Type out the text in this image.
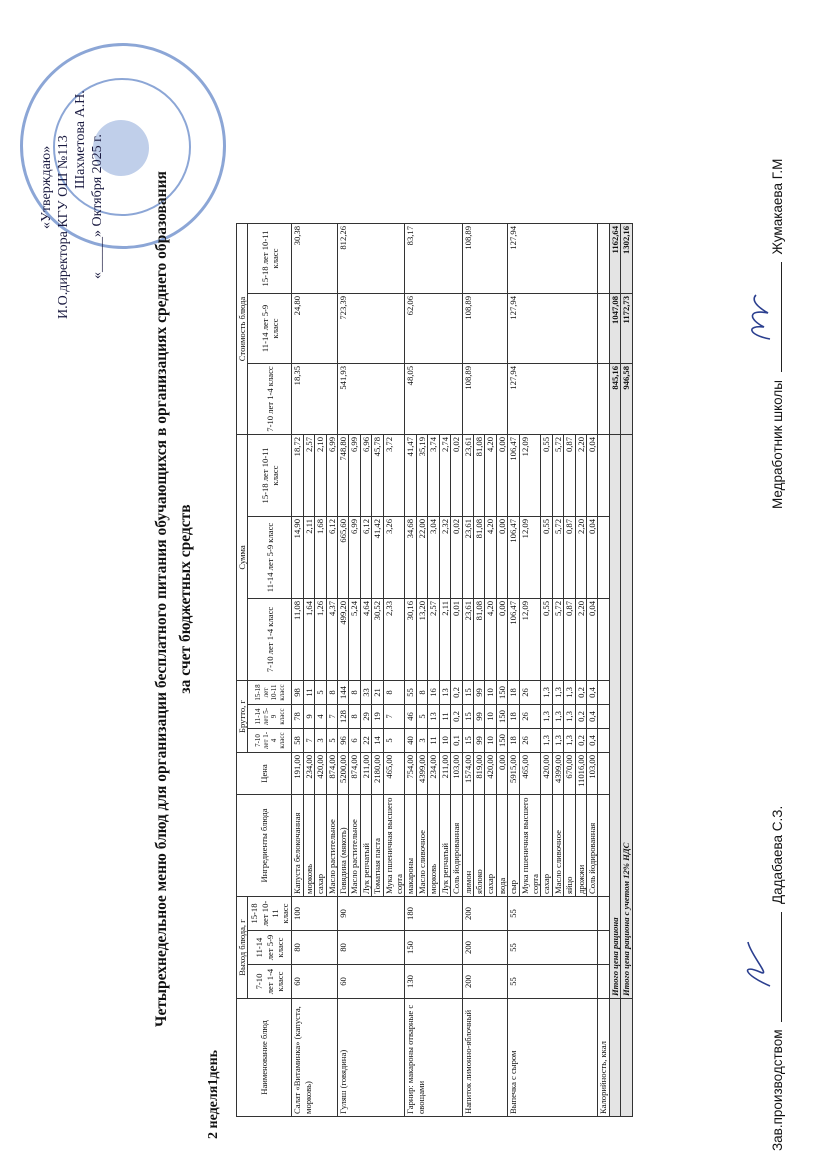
«Утверждаю» И.О.директора КГУ ОШ №113 Шахметова А.Н. «_____» Октября 2025 г.	Четырехнедельное меню блюд для организации бесплатного питания обучающихся в организациях среднего образования за счет бюджетных средств
2 неделя1день	Наименование блюд	Выход блюда, г			Ингредиенты блюда	Цена	Брутто, г			Сумма			Стоимость блюда		
	7-10 лет 1-4 класс	11-14 лет 5-9 класс	15-18 лет 10-11 класс			7-10 лет 1-4 класс	11-14 лет 5-9 класс	15-18 лет 10-11 класс	7-10 лет 1-4 класс	11-14 лет 5-9 класс	15-18 лет 10-11 класс	7-10 лет 1-4 класс	11-14 лет 5-9 класс	15-18 лет 10-11 класс
Салат «Витаминка» (капуста, морковь)	60	80	100	Капуста белокочанная	191,00	58	78	98	11,08	14,90	18,72	18,35	24,80	30,38
				морковь	234,00	7	9	11	1,64	2,11	2,57			
				сахар	420,00	3	4	5	1,26	1,68	2,10			
				Масло растительное	874,00	5	7	8	4,37	6,12	6,99			
Гуляш (говядина)	60	80	90	Говядина (мякоть)	5200,00	96	128	144	499,20	665,60	748,80	541,93	723,39	812,26
				Масло растительное	874,00	6	8	8	5,24	6,99	6,99			
				Лук репчатый	211,00	22	29	33	4,64	6,12	6,96			
				Томатная паста	2180,00	14	19	21	30,52	41,42	45,78			
				Мука пшеничная высшего сорта	465,00	5	7	8	2,33	3,26	3,72			
Гарнир: макароны отварные с овощами	130	150	180	макароны	754,00	40	46	55	30,16	34,68	41,47	48,05	62,06	83,17
				Масло сливочное	4399,00	3	5	8	13,20	22,00	35,19			
				морковь	234,00	11	13	16	2,57	3,04	3,74			
				Лук репчатый	211,00	10	11	13	2,11	2,32	2,74			
				Соль йодированная	103,00	0,1	0,2	0,2	0,01	0,02	0,02			
Напиток лимонно-яблочный	200	200	200	лимон	1574,00	15	15	15	23,61	23,61	23,61	108,89	108,89	108,89
				яблоко	819,00	99	99	99	81,08	81,08	81,08			
				сахар	420,00	10	10	10	4,20	4,20	4,20			
				вода	0,00	150	150	150	0,00	0,00	0,00			
Выпечка с сыром	55	55	55	сыр	5915,00	18	18	18	106,47	106,47	106,47	127,94	127,94	127,94
				Мука пшеничная высшего сорта	465,00	26	26	26	12,09	12,09	12,09			
				сахар	420,00	1,3	1,3	1,3	0,55	0,55	0,55			
				Масло сливочное	4399,00	1,3	1,3	1,3	5,72	5,72	5,72			
				яйцо	670,00	1,3	1,3	1,3	0,87	0,87	0,87			
				дрожжи	11016,00	0,2	0,2	0,2	2,20	2,20	2,20			
				Соль йодированная	103,00	0,4	0,4	0,4	0,04	0,04	0,04			
Калорийность, ккал														
	Итого цена рациона											845,16	1047,08	1162,64
	Итого цена рациона с учетом 12% НДС											946,58	1172,73	1302,16
Зав.производством  Дадабаева С.З.
Медработник школы  Жумакаева Г.М
